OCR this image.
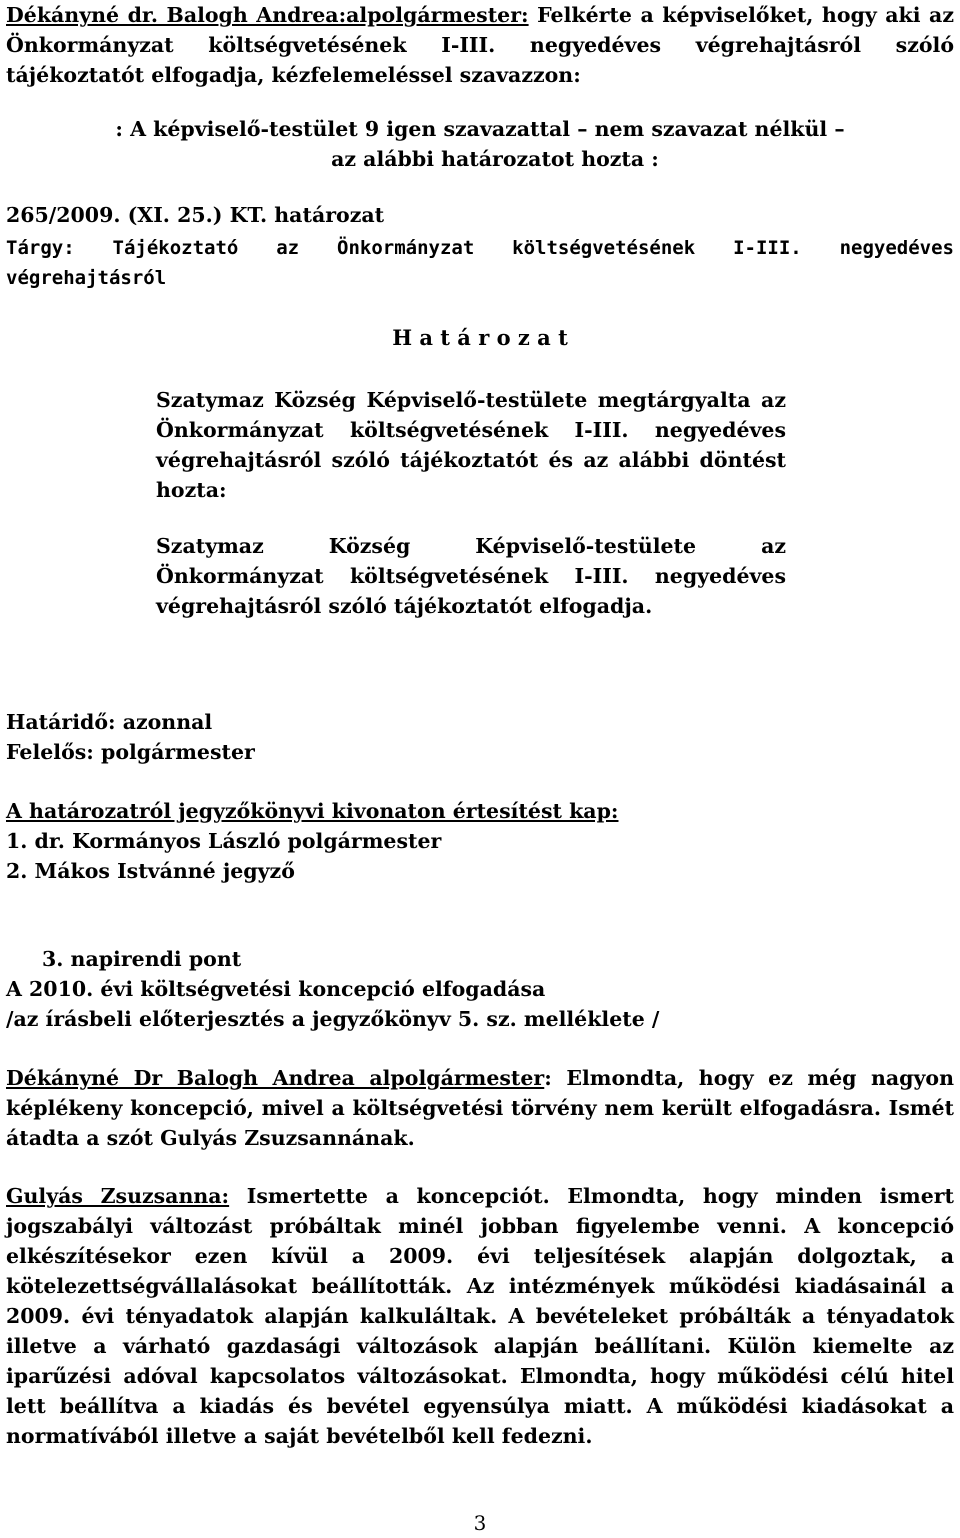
Dékányné dr. Balogh Andrea:alpolgármester: Felkérte a képviselőket, hogy aki az Önkormányzat költségvetésének I-III. negyedéves végrehajtásról szóló tájékoztatót elfogadja, kézfelemeléssel szavazzon:

: A képviselő-testület 9 igen szavazattal – nem szavazat nélkül –

az alábbi határozatot hozta :

265/2009. (XI. 25.) KT. határozat

Tárgy: Tájékoztató az Önkormányzat költségvetésének I-III. negyedéves végrehajtásról

H a t á r o z a t

Szatymaz Község Képviselő-testülete megtárgyalta az Önkormányzat költségvetésének I-III. negyedéves végrehajtásról szóló tájékoztatót és az alábbi döntést hozta:

Szatymaz Község Képviselő-testülete az Önkormányzat költségvetésének I-III. negyedéves végrehajtásról szóló tájékoztatót elfogadja.

Határidő: azonnal

Felelős: polgármester

A határozatról jegyzőkönyvi kivonaton értesítést kap:

1. dr. Kormányos László polgármester

2. Mákos Istvánné jegyző

3. napirendi pont

A 2010. évi költségvetési koncepció elfogadása

/az írásbeli előterjesztés a jegyzőkönyv 5. sz. melléklete /

Dékányné Dr Balogh Andrea alpolgármester: Elmondta, hogy ez még nagyon képlékeny koncepció, mivel a költségvetési törvény nem került elfogadásra. Ismét átadta a szót Gulyás Zsuzsannának.

Gulyás Zsuzsanna: Ismertette a koncepciót. Elmondta, hogy minden ismert jogszabályi változást próbáltak minél jobban figyelembe venni. A koncepció elkészítésekor ezen kívül a 2009. évi teljesítések alapján dolgoztak, a kötelezettségvállalásokat beállították. Az intézmények működési kiadásainál a 2009. évi tényadatok alapján kalkuláltak. A bevételeket próbálták a tényadatok illetve a várható gazdasági változások alapján beállítani. Külön kiemelte az iparűzési adóval kapcsolatos változásokat. Elmondta, hogy működési célú hitel lett beállítva a kiadás és bevétel egyensúlya miatt. A működési kiadásokat a normatívából illetve a saját bevételből kell fedezni.

3
